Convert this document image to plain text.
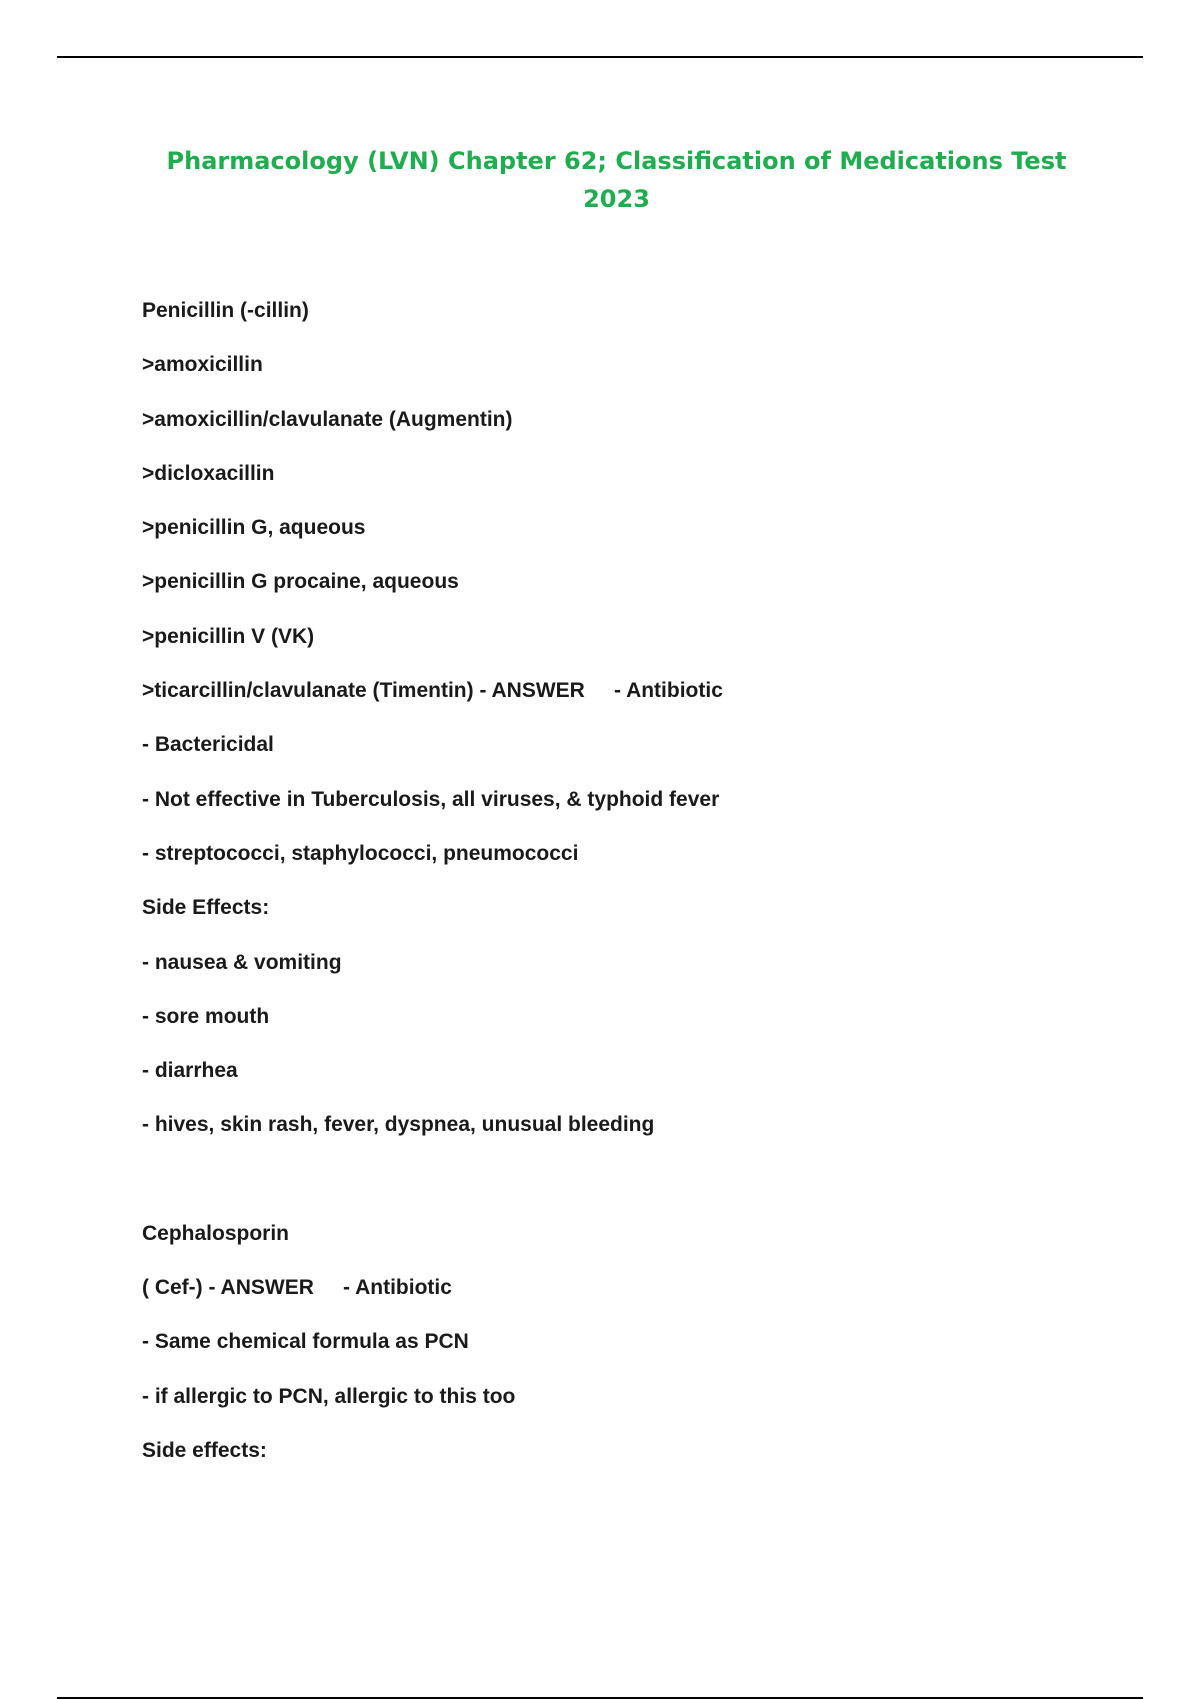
Pharmacology (LVN) Chapter 62; Classification of Medications Test 2023
Penicillin (-cillin)
>amoxicillin
>amoxicillin/clavulanate (Augmentin)
>dicloxacillin
>penicillin G, aqueous
>penicillin G procaine, aqueous
>penicillin V (VK)
>ticarcillin/clavulanate (Timentin) - ANSWER     - Antibiotic
- Bactericidal
- Not effective in Tuberculosis, all viruses, & typhoid fever
- streptococci, staphylococci, pneumococci
Side Effects:
- nausea & vomiting
- sore mouth
- diarrhea
- hives, skin rash, fever, dyspnea, unusual bleeding
Cephalosporin
( Cef-) - ANSWER     - Antibiotic
- Same chemical formula as PCN
- if allergic to PCN, allergic to this too
Side effects:
